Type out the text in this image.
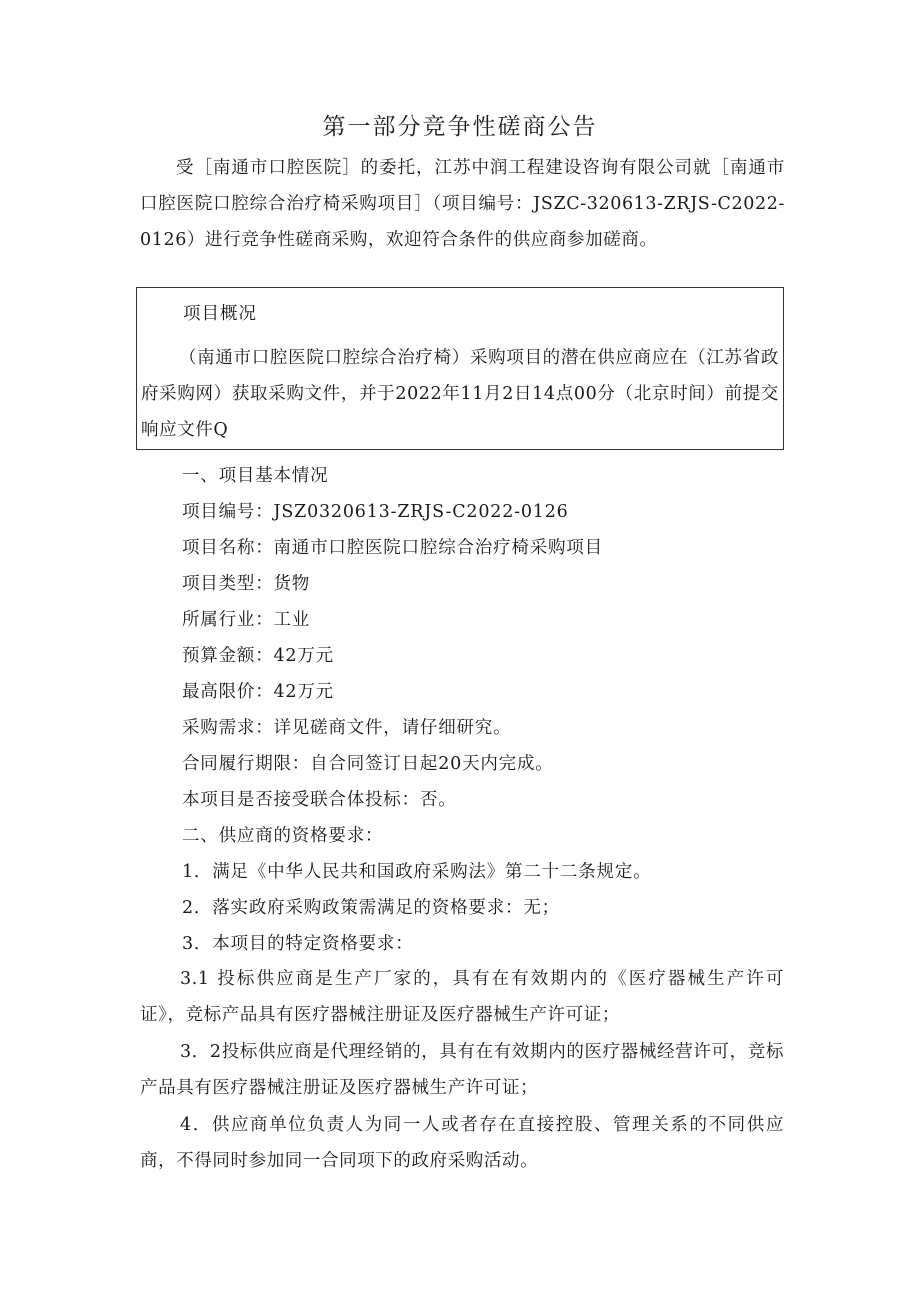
第一部分竞争性磋商公告
受［南通市口腔医院］的委托，江苏中润工程建设咨询有限公司就［南通市口腔医院口腔综合治疗椅采购项目］（项目编号：JSZC-320613-ZRJS-C2022-0126）进行竞争性磋商采购，欢迎符合条件的供应商参加磋商。
项目概况
（南通市口腔医院口腔综合治疗椅）采购项目的潜在供应商应在（江苏省政府采购网）获取采购文件，并于2022年11月2日14点00分（北京时间）前提交响应文件Q
一、项目基本情况
项目编号：JSZ0320613-ZRJS-C2022-0126
项目名称：南通市口腔医院口腔综合治疗椅采购项目
项目类型：货物
所属行业：工业
预算金额：42万元
最高限价：42万元
采购需求：详见磋商文件，请仔细研究。
合同履行期限：自合同签订日起20天内完成。
本项目是否接受联合体投标：否。
二、供应商的资格要求：
1．满足《中华人民共和国政府采购法》第二十二条规定。
2．落实政府采购政策需满足的资格要求：无；
3．本项目的特定资格要求：
3.1 投标供应商是生产厂家的，具有在有效期内的《医疗器械生产许可证》，竞标产品具有医疗器械注册证及医疗器械生产许可证；
3．2投标供应商是代理经销的，具有在有效期内的医疗器械经营许可，竞标产品具有医疗器械注册证及医疗器械生产许可证；
4．供应商单位负责人为同一人或者存在直接控股、管理关系的不同供应商，不得同时参加同一合同项下的政府采购活动。
